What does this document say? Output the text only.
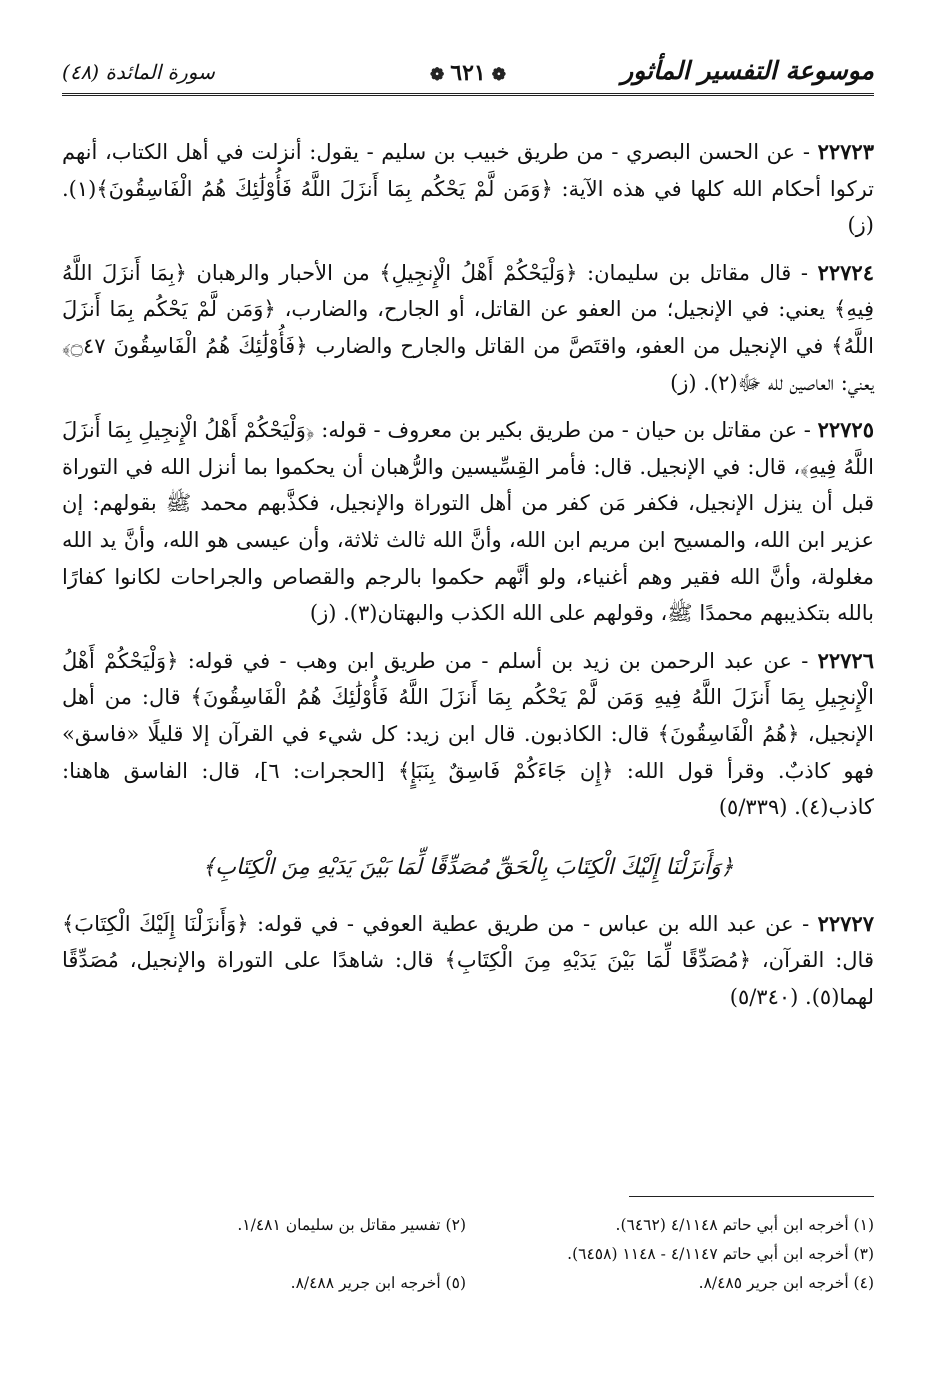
موسوعة التفسير المأثور
❁٦٢١❁
سورة المائدة (٤٨)

٢٢٧٢٣ - عن الحسن البصري - من طريق خبيب بن سليم - يقول: أنزلت في أهل الكتاب، أنهم تركوا أحكام الله كلها في هذه الآية: ﴿وَمَن لَّمْ يَحْكُم بِمَا أَنزَلَ اللَّهُ فَأُوْلَٰئِكَ هُمُ الْفَاسِقُونَ﴾(١). (ز)

٢٢٧٢٤ - قال مقاتل بن سليمان: ﴿وَلْيَحْكُمْ أَهْلُ الْإِنجِيلِ﴾ من الأحبار والرهبان ﴿بِمَا أَنزَلَ اللَّهُ فِيهِ﴾ يعني: في الإنجيل؛ من العفو عن القاتل، أو الجارح، والضارب، ﴿وَمَن لَّمْ يَحْكُم بِمَا أَنزَلَ اللَّهُ﴾ في الإنجيل من العفو، واقتَصَّ من القاتل والجارح والضارب ﴿فَأُوْلَٰئِكَ هُمُ الْفَاسِقُونَ ۝٤٧﴾ يعني: العاصين لله ﷻ(٢). (ز)

٢٢٧٢٥ - عن مقاتل بن حيان - من طريق بكير بن معروف - قوله: ﴿وَلْيَحْكُمْ أَهْلُ الْإِنجِيلِ بِمَا أَنزَلَ اللَّهُ فِيهِ﴾، قال: في الإنجيل. قال: فأمر القِسِّيسين والرُّهبان أن يحكموا بما أنزل الله في التوراة قبل أن ينزل الإنجيل، فكفر مَن كفر من أهل التوراة والإنجيل، فكذَّبهم محمد ﷺ بقولهم: إن عزير ابن الله، والمسيح ابن مريم ابن الله، وأنَّ الله ثالث ثلاثة، وأن عيسى هو الله، وأنَّ يد الله مغلولة، وأنَّ الله فقير وهم أغنياء، ولو أنَّهم حكموا بالرجم والقصاص والجراحات لكانوا كفارًا بالله بتكذيبهم محمدًا ﷺ، وقولهم على الله الكذب والبهتان(٣). (ز)

٢٢٧٢٦ - عن عبد الرحمن بن زيد بن أسلم - من طريق ابن وهب - في قوله: ﴿وَلْيَحْكُمْ أَهْلُ الْإِنجِيلِ بِمَا أَنزَلَ اللَّهُ فِيهِ وَمَن لَّمْ يَحْكُم بِمَا أَنزَلَ اللَّهُ فَأُوْلَٰئِكَ هُمُ الْفَاسِقُونَ﴾ قال: من أهل الإنجيل، ﴿هُمُ الْفَاسِقُونَ﴾ قال: الكاذبون. قال ابن زيد: كل شيء في القرآن إلا قليلًا «فاسق» فهو كاذبٌ. وقرأ قول الله: ﴿إِن جَاءَكُمْ فَاسِقٌ بِنَبَإٍ﴾ [الحجرات: ٦]، قال: الفاسق هاهنا: كاذب(٤). (٥/٣٣٩)

﴿وَأَنزَلْنَا إِلَيْكَ الْكِتَابَ بِالْحَقِّ مُصَدِّقًا لِّمَا بَيْنَ يَدَيْهِ مِنَ الْكِتَابِ﴾

٢٢٧٢٧ - عن عبد الله بن عباس - من طريق عطية العوفي - في قوله: ﴿وَأَنزَلْنَا إِلَيْكَ الْكِتَابَ﴾ قال: القرآن، ﴿مُصَدِّقًا لِّمَا بَيْنَ يَدَيْهِ مِنَ الْكِتَابِ﴾ قال: شاهدًا على التوراة والإنجيل، مُصَدِّقًا لهما(٥). (٥/٣٤٠)

(١) أخرجه ابن أبي حاتم ٤/١١٤٨ (٦٤٦٢).
(٢) تفسير مقاتل بن سليمان ١/٤٨١.
(٣) أخرجه ابن أبي حاتم ٤/١١٤٧ - ١١٤٨ (٦٤٥٨).
(٤) أخرجه ابن جرير ٨/٤٨٥.
(٥) أخرجه ابن جرير ٨/٤٨٨.
